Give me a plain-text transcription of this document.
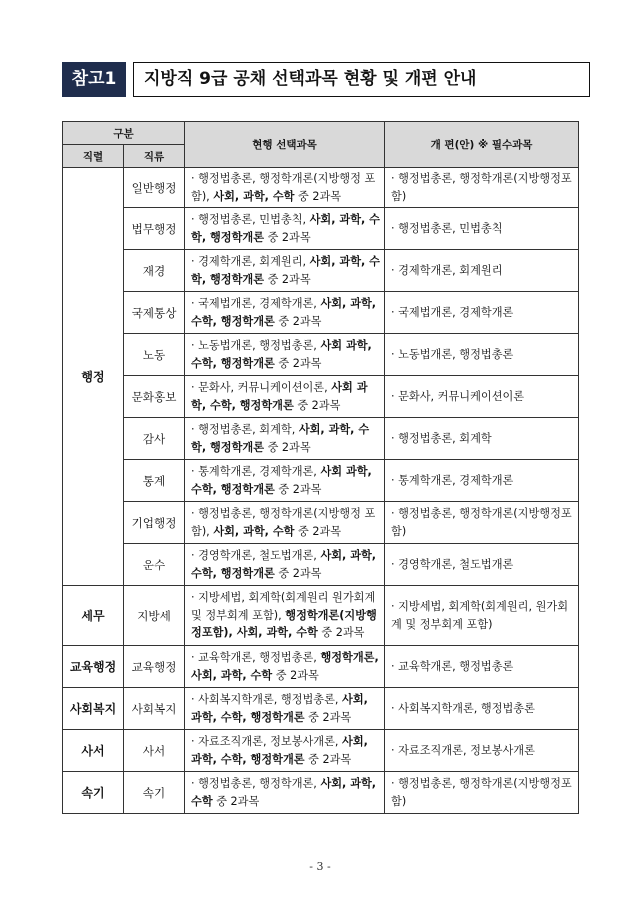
참고1	지방직 9급 공채 선택과목 현황 및 개편 안내
구분		현행 선택과목	개 편(안) ※ 필수과목
직렬	직류		
행정	일반행정	· 행정법총론, 행정학개론(지방행정 포함), 사회, 과학, 수학 중 2과목	· 행정법총론, 행정학개론(지방행정포함)
	법무행정	· 행정법총론, 민법총칙, 사회, 과학, 수학, 행정학개론 중 2과목	· 행정법총론, 민법총칙
	재경	· 경제학개론, 회계원리, 사회, 과학, 수학, 행정학개론 중 2과목	· 경제학개론, 회계원리
	국제통상	· 국제법개론, 경제학개론, 사회, 과학, 수학, 행정학개론 중 2과목	· 국제법개론, 경제학개론
	노동	· 노동법개론, 행정법총론, 사회 과학, 수학, 행정학개론 중 2과목	· 노동법개론, 행정법총론
	문화홍보	· 문화사, 커뮤니케이션이론, 사회 과학, 수학, 행정학개론 중 2과목	· 문화사, 커뮤니케이션이론
	감사	· 행정법총론, 회계학, 사회, 과학, 수학, 행정학개론 중 2과목	· 행정법총론, 회계학
	통계	· 통계학개론, 경제학개론, 사회 과학, 수학, 행정학개론 중 2과목	· 통계학개론, 경제학개론
	기업행정	· 행정법총론, 행정학개론(지방행정 포함), 사회, 과학, 수학 중 2과목	· 행정법총론, 행정학개론(지방행정포함)
	운수	· 경영학개론, 철도법개론, 사회, 과학, 수학, 행정학개론 중 2과목	· 경영학개론, 철도법개론
세무	지방세	· 지방세법, 회계학(회계원리 원가회계 및 정부회계 포함), 행정학개론(지방행정포함), 사회, 과학, 수학 중 2과목	· 지방세법, 회계학(회계원리, 원가회계 및 정부회계 포함)
교육행정	교육행정	· 교육학개론, 행정법총론, 행정학개론, 사회, 과학, 수학 중 2과목	· 교육학개론, 행정법총론
사회복지	사회복지	· 사회복지학개론, 행정법총론, 사회, 과학, 수학, 행정학개론 중 2과목	· 사회복지학개론, 행정법총론
사서	사서	· 자료조직개론, 정보봉사개론, 사회, 과학, 수학, 행정학개론 중 2과목	· 자료조직개론, 정보봉사개론
속기	속기	· 행정법총론, 행정학개론, 사회, 과학, 수학 중 2과목	· 행정법총론, 행정학개론(지방행정포함)
- 3 -
